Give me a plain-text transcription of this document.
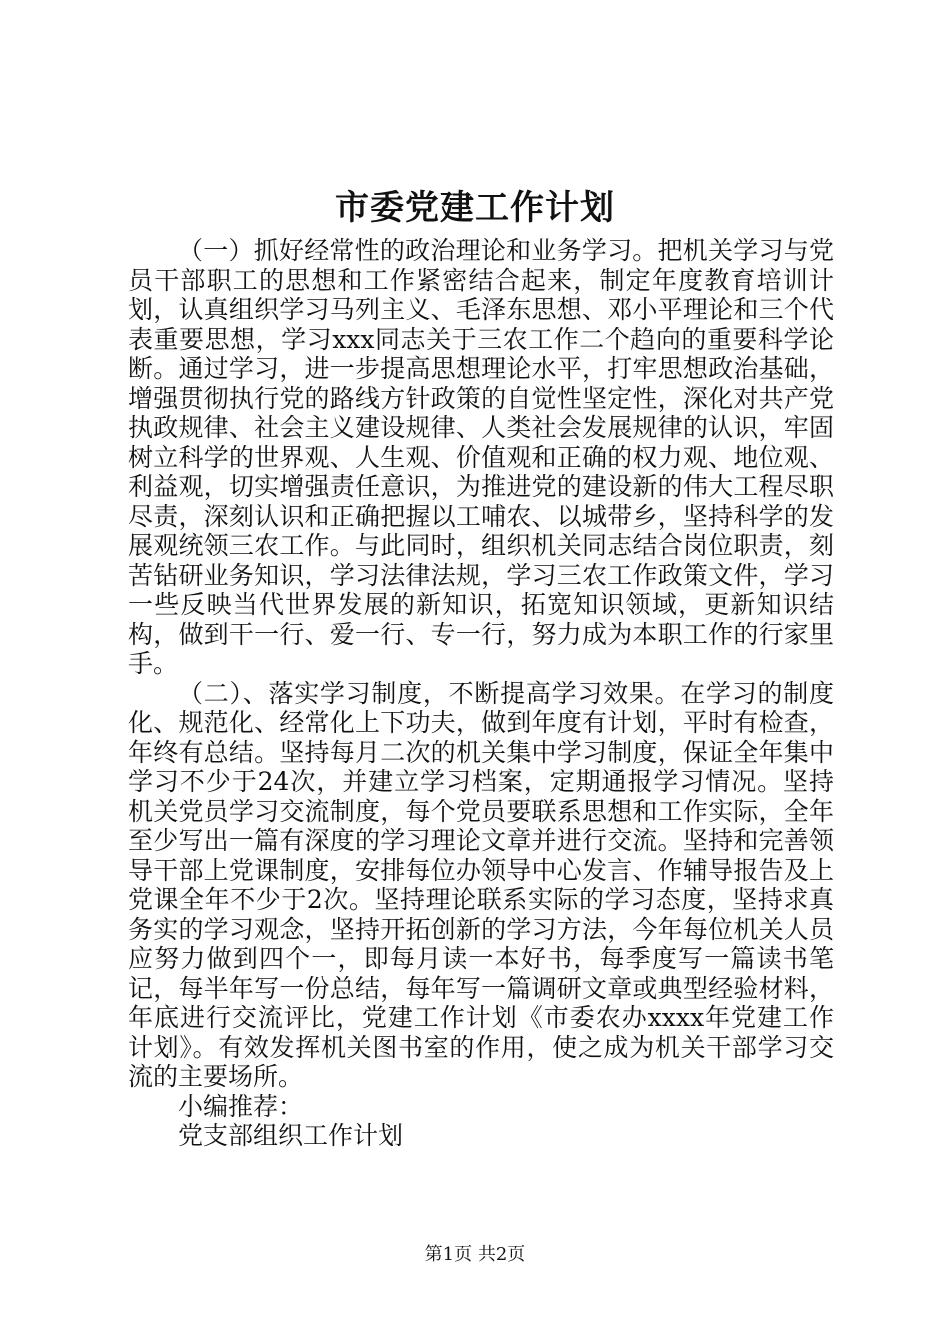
市委党建工作计划

（一）抓好经常性的政治理论和业务学习。把机关学习与党员干部职工的思想和工作紧密结合起来，制定年度教育培训计划，认真组织学习马列主义、毛泽东思想、邓小平理论和三个代表重要思想，学习xxx同志关于三农工作二个趋向的重要科学论断。通过学习，进一步提高思想理论水平，打牢思想政治基础，增强贯彻执行党的路线方针政策的自觉性坚定性，深化对共产党执政规律、社会主义建设规律、人类社会发展规律的认识，牢固树立科学的世界观、人生观、价值观和正确的权力观、地位观、利益观，切实增强责任意识，为推进党的建设新的伟大工程尽职尽责，深刻认识和正确把握以工哺农、以城带乡，坚持科学的发展观统领三农工作。与此同时，组织机关同志结合岗位职责，刻苦钻研业务知识，学习法律法规，学习三农工作政策文件，学习一些反映当代世界发展的新知识，拓宽知识领域，更新知识结构，做到干一行、爱一行、专一行，努力成为本职工作的行家里手。

（二）、落实学习制度，不断提高学习效果。在学习的制度化、规范化、经常化上下功夫，做到年度有计划，平时有检查，年终有总结。坚持每月二次的机关集中学习制度，保证全年集中学习不少于24次，并建立学习档案，定期通报学习情况。坚持机关党员学习交流制度，每个党员要联系思想和工作实际，全年至少写出一篇有深度的学习理论文章并进行交流。坚持和完善领导干部上党课制度，安排每位办领导中心发言、作辅导报告及上党课全年不少于2次。坚持理论联系实际的学习态度，坚持求真务实的学习观念，坚持开拓创新的学习方法，今年每位机关人员应努力做到四个一，即每月读一本好书，每季度写一篇读书笔记，每半年写一份总结，每年写一篇调研文章或典型经验材料，年底进行交流评比，党建工作计划《市委农办xxxx年党建工作计划》。有效发挥机关图书室的作用，使之成为机关干部学习交流的主要场所。

小编推荐：

党支部组织工作计划

第1页 共2页
